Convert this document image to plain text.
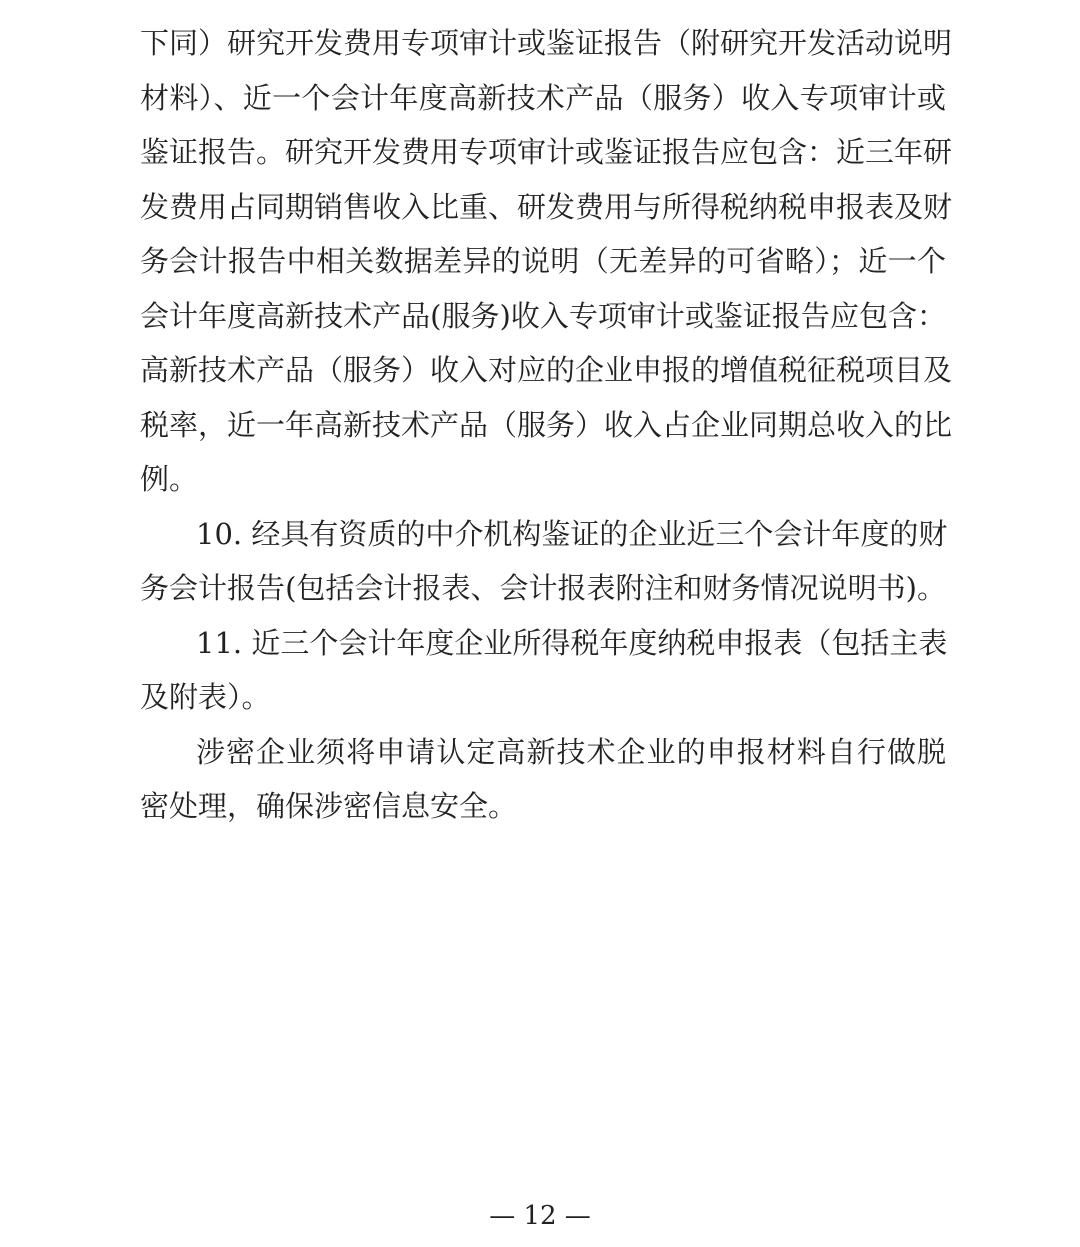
下同）研究开发费用专项审计或鉴证报告（附研究开发活动说明
材料）、近一个会计年度高新技术产品（服务）收入专项审计或
鉴证报告。研究开发费用专项审计或鉴证报告应包含：近三年研
发费用占同期销售收入比重、研发费用与所得税纳税申报表及财
务会计报告中相关数据差异的说明（无差异的可省略）；近一个
会计年度高新技术产品(服务)收入专项审计或鉴证报告应包含：
高新技术产品（服务）收入对应的企业申报的增值税征税项目及
税率，近一年高新技术产品（服务）收入占企业同期总收入的比
例。
10. 经具有资质的中介机构鉴证的企业近三个会计年度的财
务会计报告(包括会计报表、会计报表附注和财务情况说明书)。
11. 近三个会计年度企业所得税年度纳税申报表（包括主表
及附表）。
涉密企业须将申请认定高新技术企业的申报材料自行做脱
密处理，确保涉密信息安全。
— 12 —
